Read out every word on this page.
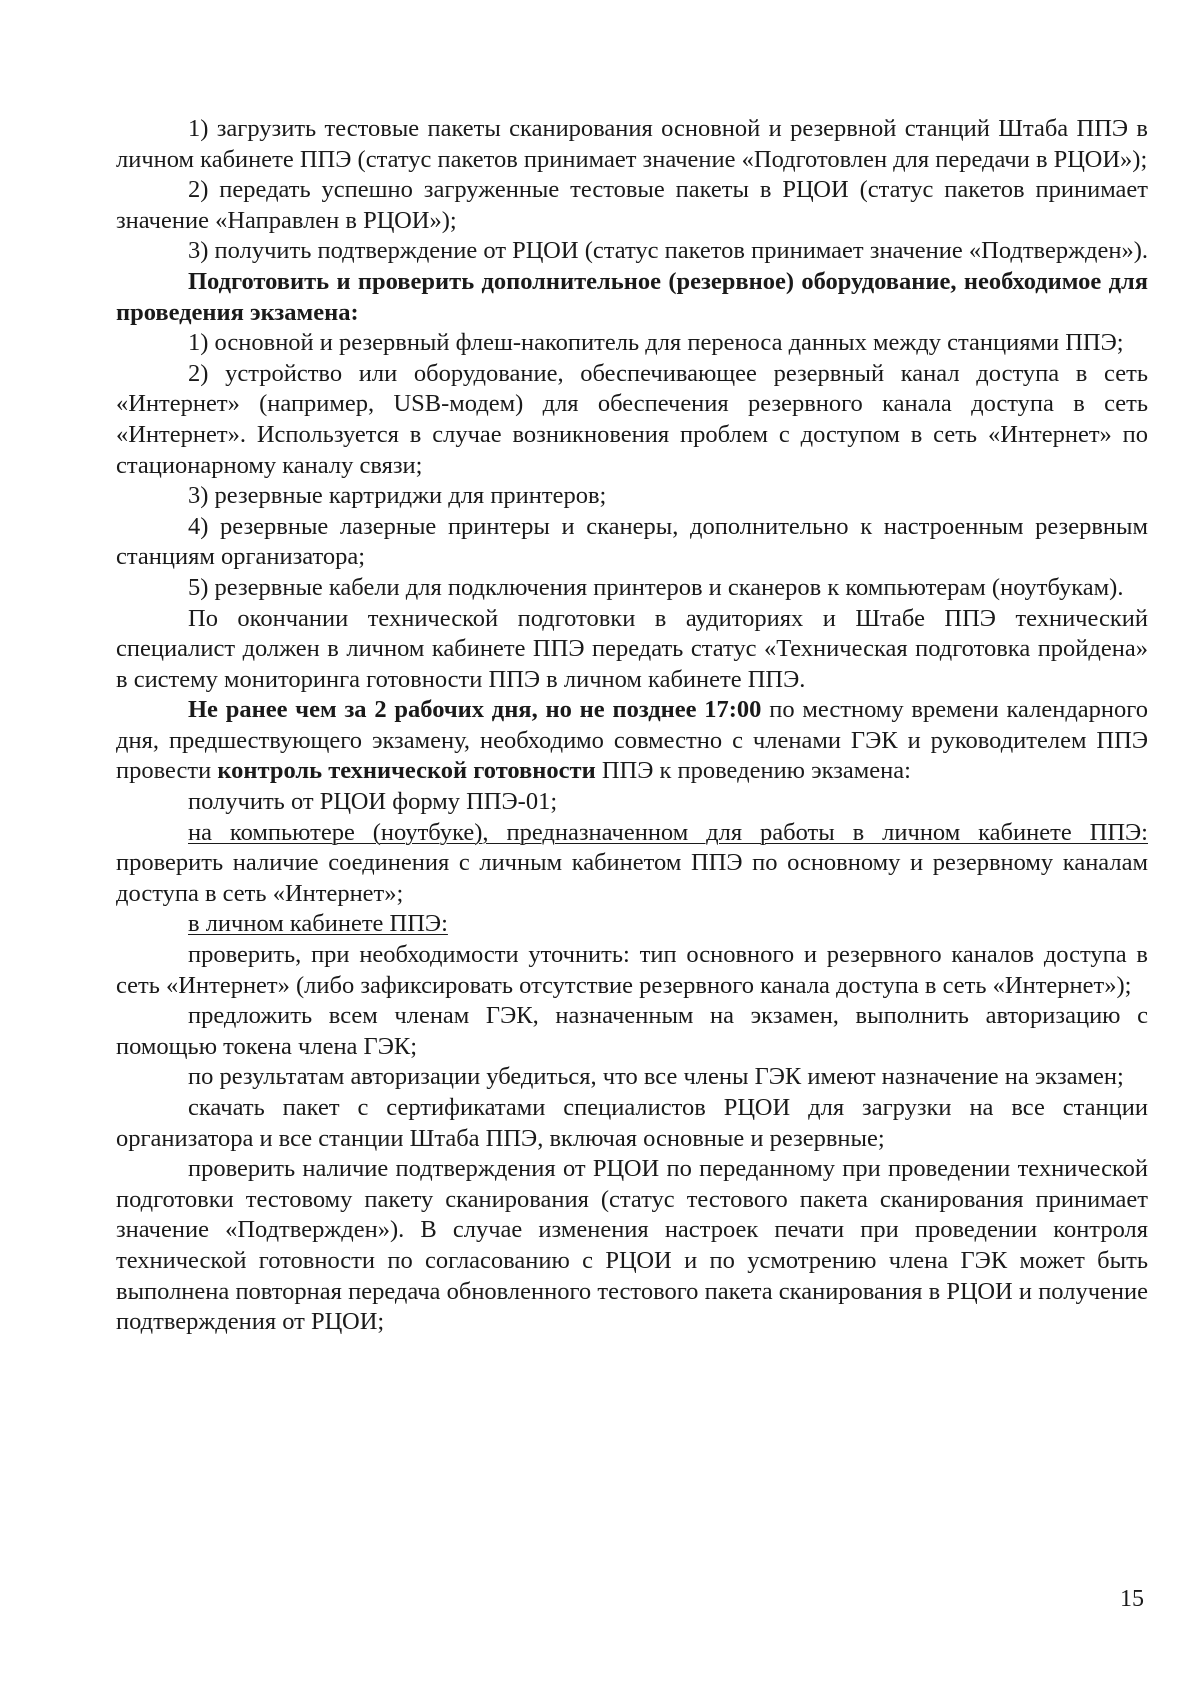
1) загрузить тестовые пакеты сканирования основной и резервной станций Штаба ППЭ в личном кабинете ППЭ (статус пакетов принимает значение «Подготовлен для передачи в РЦОИ»);

2) передать успешно загруженные тестовые пакеты в РЦОИ (статус пакетов принимает значение «Направлен в РЦОИ»);

3) получить подтверждение от РЦОИ (статус пакетов принимает значение «Подтвержден»).

Подготовить и проверить дополнительное (резервное) оборудование, необходимое для проведения экзамена:

1) основной и резервный флеш-накопитель для переноса данных между станциями ППЭ;

2) устройство или оборудование, обеспечивающее резервный канал доступа в сеть «Интернет» (например, USB-модем) для обеспечения резервного канала доступа в сеть «Интернет». Используется в случае возникновения проблем с доступом в сеть «Интернет» по стационарному каналу связи;

3) резервные картриджи для принтеров;

4) резервные лазерные принтеры и сканеры, дополнительно к настроенным резервным станциям организатора;

5) резервные кабели для подключения принтеров и сканеров к компьютерам (ноутбукам).

По окончании технической подготовки в аудиториях и Штабе ППЭ технический специалист должен в личном кабинете ППЭ передать статус «Техническая подготовка пройдена» в систему мониторинга готовности ППЭ в личном кабинете ППЭ.

Не ранее чем за 2 рабочих дня, но не позднее 17:00 по местному времени календарного дня, предшествующего экзамену, необходимо совместно с членами ГЭК и руководителем ППЭ провести контроль технической готовности ППЭ к проведению экзамена:

получить от РЦОИ форму ППЭ-01;

на компьютере (ноутбуке), предназначенном для работы в личном кабинете ППЭ: проверить наличие соединения с личным кабинетом ППЭ по основному и резервному каналам доступа в сеть «Интернет»;

в личном кабинете ППЭ:

проверить, при необходимости уточнить: тип основного и резервного каналов доступа в сеть «Интернет» (либо зафиксировать отсутствие резервного канала доступа в сеть «Интернет»);

предложить всем членам ГЭК, назначенным на экзамен, выполнить авторизацию с помощью токена члена ГЭК;

по результатам авторизации убедиться, что все члены ГЭК имеют назначение на экзамен;

скачать пакет с сертификатами специалистов РЦОИ для загрузки на все станции организатора и все станции Штаба ППЭ, включая основные и резервные;

проверить наличие подтверждения от РЦОИ по переданному при проведении технической подготовки тестовому пакету сканирования (статус тестового пакета сканирования принимает значение «Подтвержден»). В случае изменения настроек печати при проведении контроля технической готовности по согласованию с РЦОИ и по усмотрению члена ГЭК может быть выполнена повторная передача обновленного тестового пакета сканирования в РЦОИ и получение подтверждения от РЦОИ;

15
